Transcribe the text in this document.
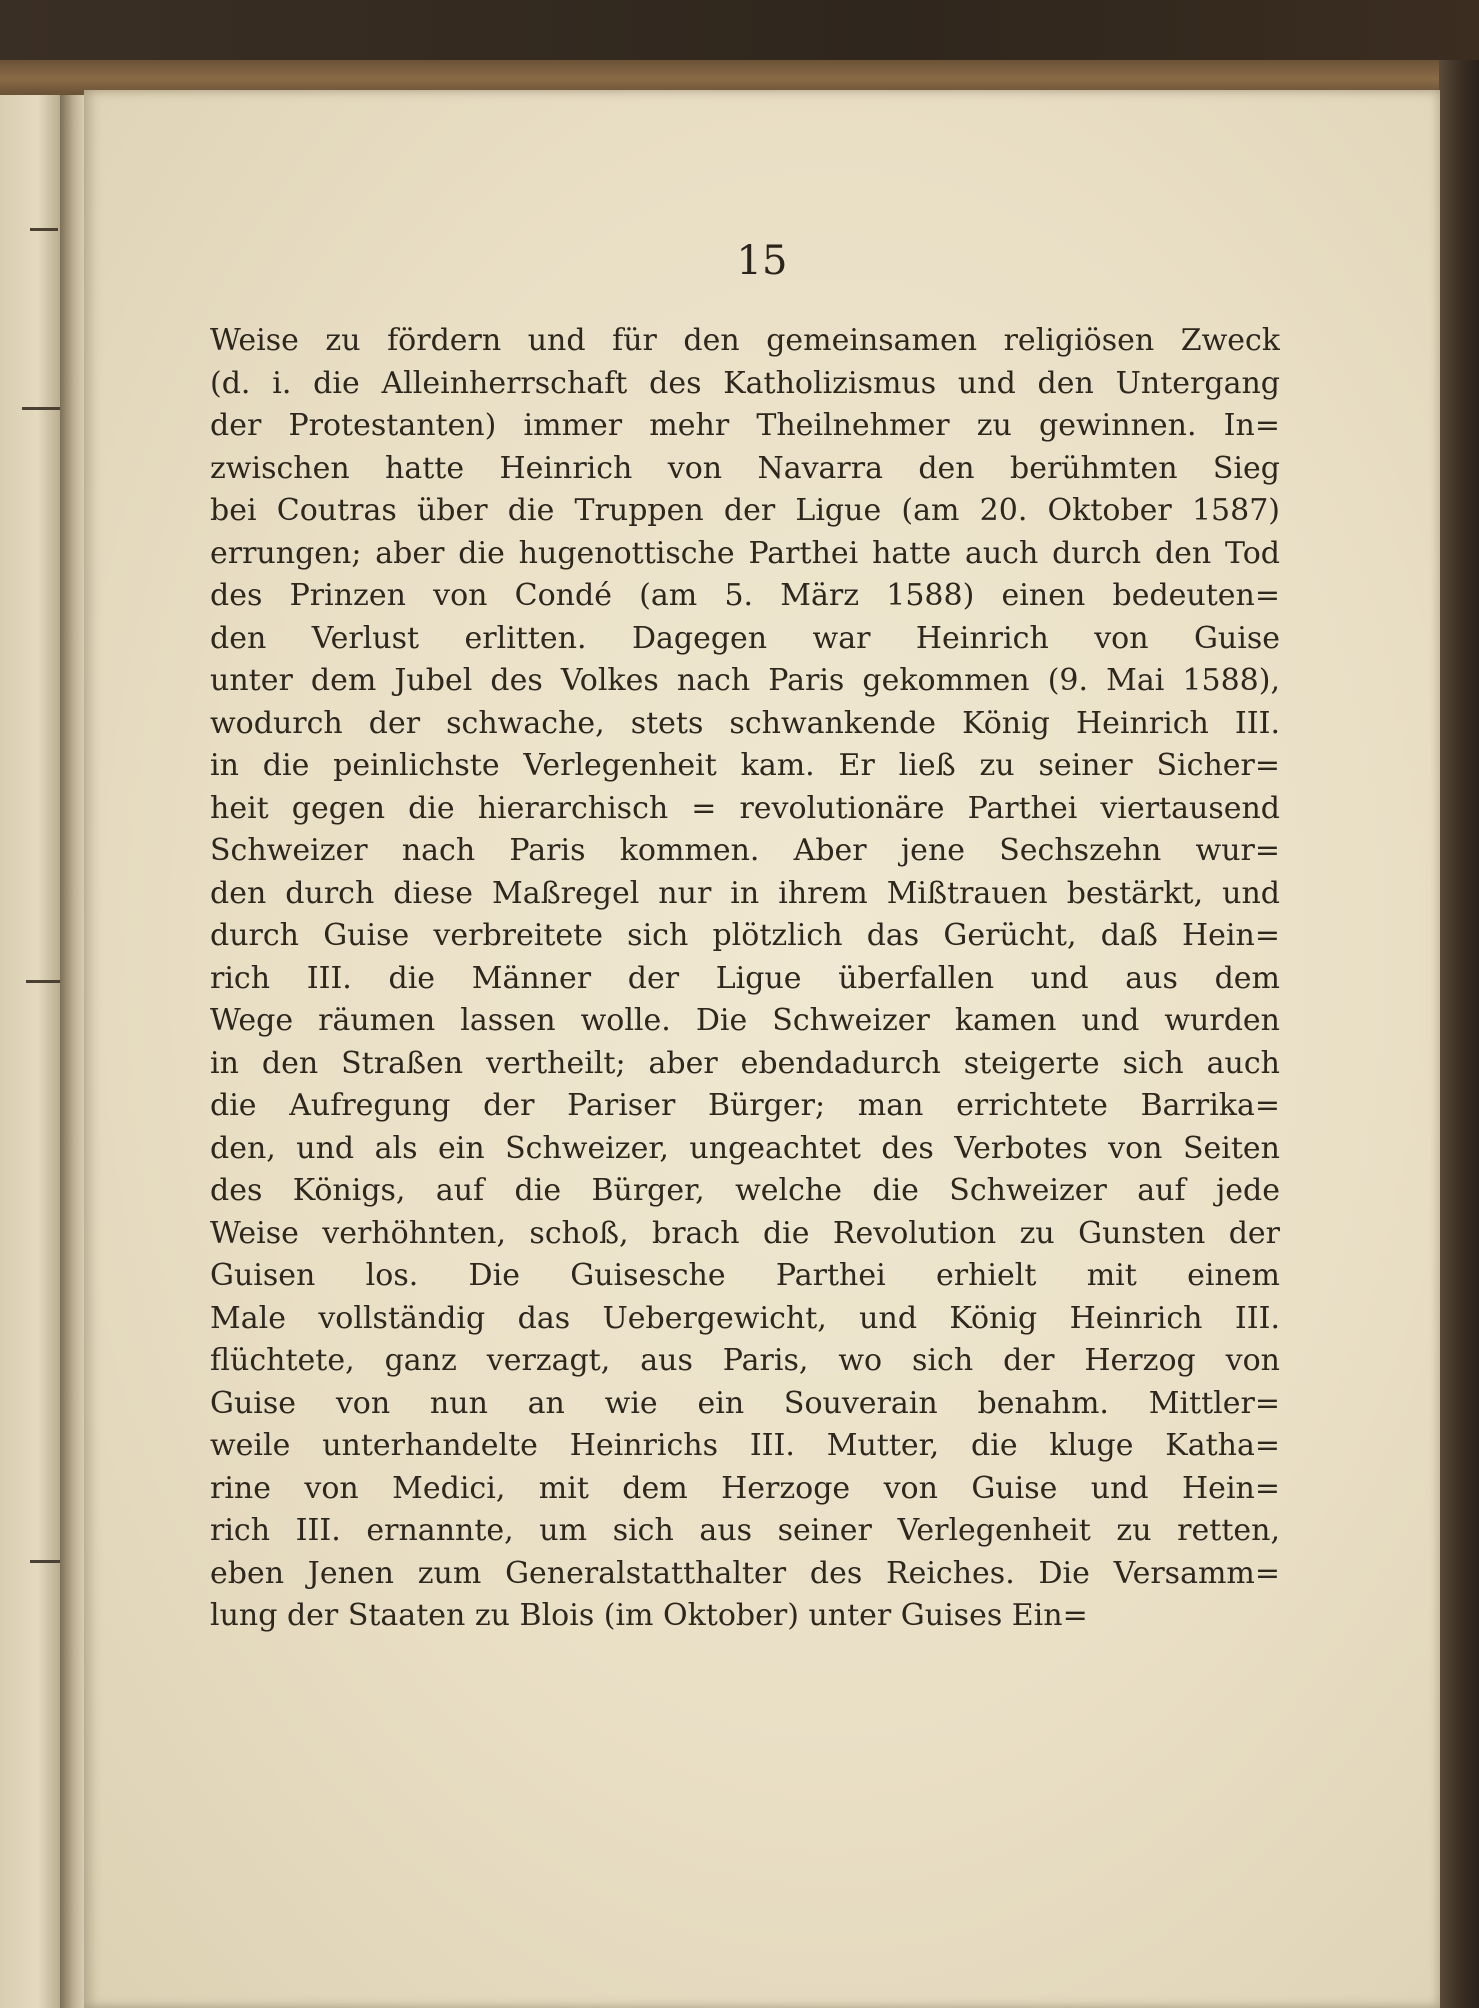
15
Weise zu fördern und für den gemeinsamen religiösen Zweck
(d. i. die Alleinherrschaft des Katholizismus und den Untergang
der Protestanten) immer mehr Theilnehmer zu gewinnen. In=
zwischen hatte Heinrich von Navarra den berühmten Sieg
bei Coutras über die Truppen der Ligue (am 20. Oktober 1587)
errungen; aber die hugenottische Parthei hatte auch durch den Tod
des Prinzen von Condé (am 5. März 1588) einen bedeuten=
den Verlust erlitten. Dagegen war Heinrich von Guise
unter dem Jubel des Volkes nach Paris gekommen (9. Mai 1588),
wodurch der schwache, stets schwankende König Heinrich III.
in die peinlichste Verlegenheit kam. Er ließ zu seiner Sicher=
heit gegen die hierarchisch = revolutionäre Parthei viertausend
Schweizer nach Paris kommen. Aber jene Sechszehn wur=
den durch diese Maßregel nur in ihrem Mißtrauen bestärkt, und
durch Guise verbreitete sich plötzlich das Gerücht, daß Hein=
rich III. die Männer der Ligue überfallen und aus dem
Wege räumen lassen wolle. Die Schweizer kamen und wurden
in den Straßen vertheilt; aber ebendadurch steigerte sich auch
die Aufregung der Pariser Bürger; man errichtete Barrika=
den, und als ein Schweizer, ungeachtet des Verbotes von Seiten
des Königs, auf die Bürger, welche die Schweizer auf jede
Weise verhöhnten, schoß, brach die Revolution zu Gunsten der
Guisen los. Die Guisesche Parthei erhielt mit einem
Male vollständig das Uebergewicht, und König Heinrich III.
flüchtete, ganz verzagt, aus Paris, wo sich der Herzog von
Guise von nun an wie ein Souverain benahm. Mittler=
weile unterhandelte Heinrichs III. Mutter, die kluge Katha=
rine von Medici, mit dem Herzoge von Guise und Hein=
rich III. ernannte, um sich aus seiner Verlegenheit zu retten,
eben Jenen zum Generalstatthalter des Reiches. Die Versamm=
lung der Staaten zu Blois (im Oktober) unter Guises Ein=
